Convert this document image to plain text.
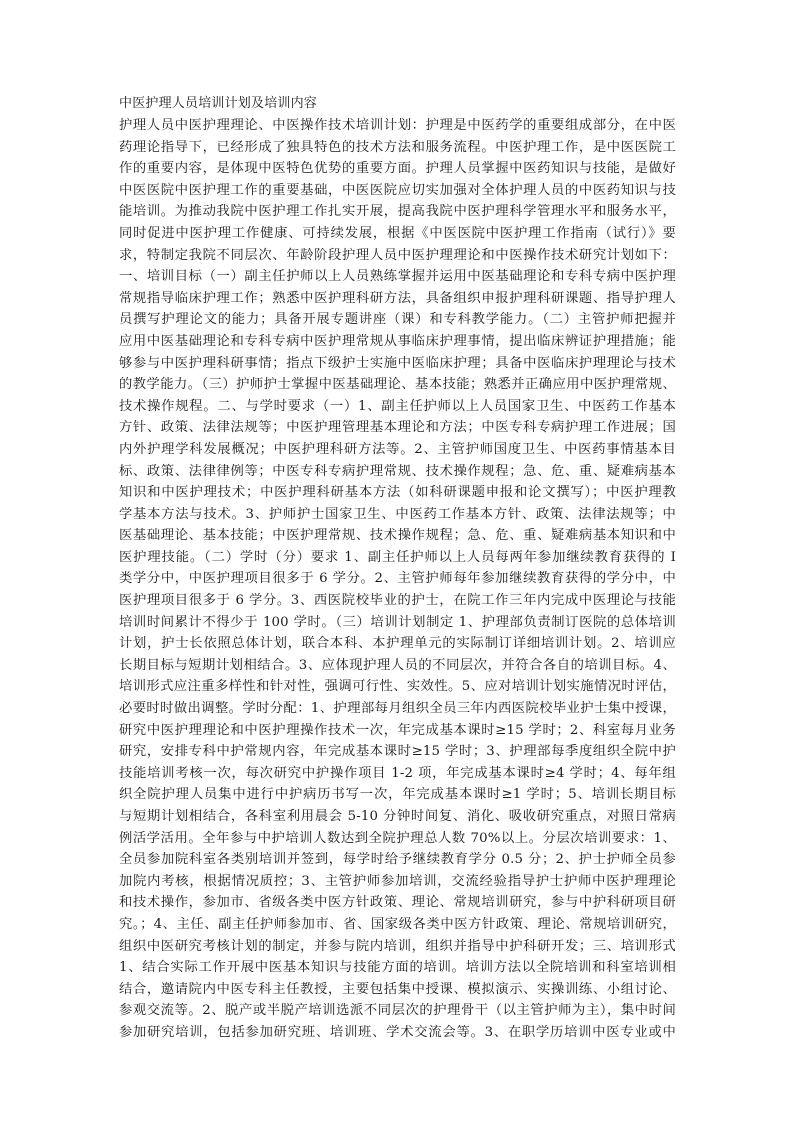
中医护理人员培训计划及培训内容
护理人员中医护理理论、中医操作技术培训计划：护理是中医药学的重要组成部分，在中医
药理论指导下，已经形成了独具特色的技术方法和服务流程。中医护理工作，是中医医院工
作的重要内容，是体现中医特色优势的重要方面。护理人员掌握中医药知识与技能，是做好
中医医院中医护理工作的重要基础，中医医院应切实加强对全体护理人员的中医药知识与技
能培训。为推动我院中医护理工作扎实开展，提高我院中医护理科学管理水平和服务水平，
同时促进中医护理工作健康、可持续发展，根据《中医医院中医护理工作指南（试行）》要
求，特制定我院不同层次、年龄阶段护理人员中医护理理论和中医操作技术研究计划如下：
一、培训目标（一）副主任护师以上人员熟练掌握并运用中医基础理论和专科专病中医护理
常规指导临床护理工作；熟悉中医护理科研方法，具备组织申报护理科研课题、指导护理人
员撰写护理论文的能力；具备开展专题讲座（课）和专科教学能力。（二）主管护师把握并
应用中医基础理论和专科专病中医护理常规从事临床护理事情，提出临床辨证护理措施；能
够参与中医护理科研事情；指点下级护士实施中医临床护理；具备中医临床护理理论与技术
的教学能力。（三）护师护士掌握中医基础理论、基本技能；熟悉并正确应用中医护理常规、
技术操作规程。二、与学时要求（一）1、副主任护师以上人员国家卫生、中医药工作基本
方针、政策、法律法规等；中医护理管理基本理论和方法；中医专科专病护理工作进展；国
内外护理学科发展概况；中医护理科研方法等。2、主管护师国度卫生、中医药事情基本目
标、政策、法律律例等；中医专科专病护理常规、技术操作规程；急、危、重、疑难病基本
知识和中医护理技术；中医护理科研基本方法（如科研课题申报和论文撰写）；中医护理教
学基本方法与技术。3、护师护士国家卫生、中医药工作基本方针、政策、法律法规等；中
医基础理论、基本技能；中医护理常规、技术操作规程；急、危、重、疑难病基本知识和中
医护理技能。（二）学时（分）要求 1、副主任护师以上人员每两年参加继续教育获得的 I
类学分中，中医护理项目很多于 6 学分。2、主管护师每年参加继续教育获得的学分中，中
医护理项目很多于 6 学分。3、西医院校毕业的护士，在院工作三年内完成中医理论与技能
培训时间累计不得少于 100 学时。（三）培训计划制定 1、护理部负责制订医院的总体培训
计划，护士长依照总体计划，联合本科、本护理单元的实际制订详细培训计划。2、培训应
长期目标与短期计划相结合。3、应体现护理人员的不同层次，并符合各自的培训目标。4、
培训形式应注重多样性和针对性，强调可行性、实效性。5、应对培训计划实施情况时评估，
必要时时做出调整。学时分配：1、护理部每月组织全员三年内西医院校毕业护士集中授课，
研究中医护理理论和中医护理操作技术一次，年完成基本课时≥15 学时；2、科室每月业务
研究，安排专科中护常规内容，年完成基本课时≥15 学时；3、护理部每季度组织全院中护
技能培训考核一次，每次研究中护操作项目 1-2 项，年完成基本课时≥4 学时；4、每年组
织全院护理人员集中进行中护病历书写一次，年完成基本课时≥1 学时；5、培训长期目标
与短期计划相结合，各科室利用晨会 5-10 分钟时间复、消化、吸收研究重点，对照日常病
例活学活用。全年参与中护培训人数达到全院护理总人数 70%以上。分层次培训要求：1、
全员参加院科室各类别培训并签到，每学时给予继续教育学分 0.5 分；2、护士护师全员参
加院内考核，根据情况质控；3、主管护师参加培训，交流经验指导护士护师中医护理理论
和技术操作，参加市、省级各类中医方针政策、理论、常规培训研究，参与中护科研项目研
究。；4、主任、副主任护师参加市、省、国家级各类中医方针政策、理论、常规培训研究，
组织中医研究考核计划的制定，并参与院内培训，组织并指导中护科研开发；三、培训形式
1、结合实际工作开展中医基本知识与技能方面的培训。培训方法以全院培训和科室培训相
结合，邀请院内中医专科主任教授，主要包括集中授课、模拟演示、实操训练、小组讨论、
参观交流等。2、脱产或半脱产培训选派不同层次的护理骨干（以主管护师为主），集中时间
参加研究培训，包括参加研究班、培训班、学术交流会等。3、在职学历培训中医专业或中
